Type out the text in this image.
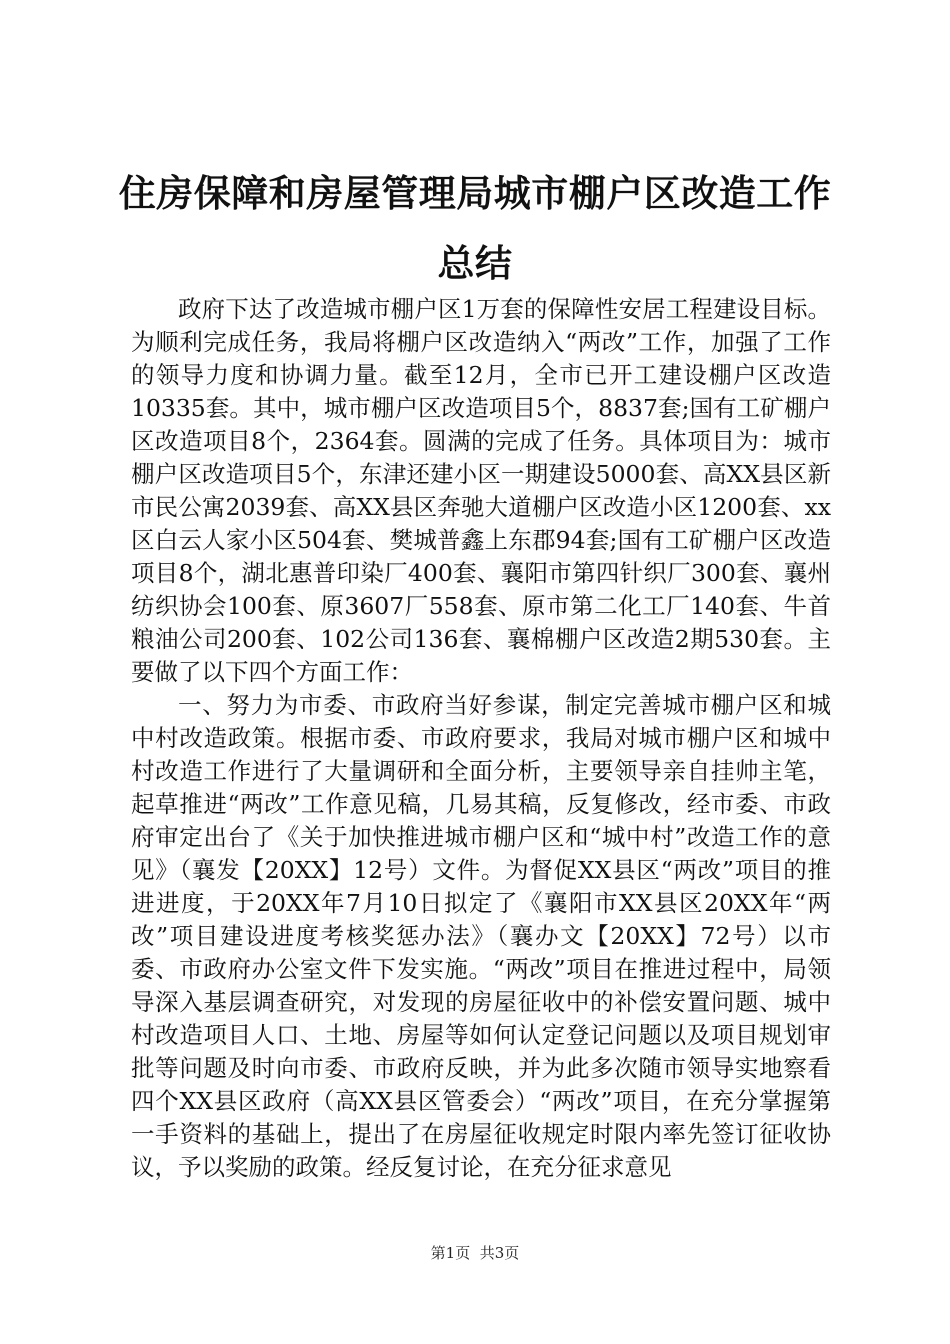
住房保障和房屋管理局城市棚户区改造工作总结

政府下达了改造城市棚户区1万套的保障性安居工程建设目标。为顺利完成任务，我局将棚户区改造纳入“两改”工作，加强了工作的领导力度和协调力量。截至12月，全市已开工建设棚户区改造10335套。其中，城市棚户区改造项目5个，8837套;国有工矿棚户区改造项目8个，2364套。圆满的完成了任务。具体项目为：城市棚户区改造项目5个，东津还建小区一期建设5000套、高XX县区新市民公寓2039套、高XX县区奔驰大道棚户区改造小区1200套、xx区白云人家小区504套、樊城普鑫上东郡94套;国有工矿棚户区改造项目8个，湖北惠普印染厂400套、襄阳市第四针织厂300套、襄州纺织协会100套、原3607厂558套、原市第二化工厂140套、牛首粮油公司200套、102公司136套、襄棉棚户区改造2期530套。主要做了以下四个方面工作：

一、努力为市委、市政府当好参谋，制定完善城市棚户区和城中村改造政策。根据市委、市政府要求，我局对城市棚户区和城中村改造工作进行了大量调研和全面分析，主要领导亲自挂帅主笔，起草推进“两改”工作意见稿，几易其稿，反复修改，经市委、市政府审定出台了《关于加快推进城市棚户区和“城中村”改造工作的意见》（襄发【20XX】12号）文件。为督促XX县区“两改”项目的推进进度，于20XX年7月10日拟定了《襄阳市XX县区20XX年“两改”项目建设进度考核奖惩办法》（襄办文【20XX】72号）以市委、市政府办公室文件下发实施。“两改”项目在推进过程中，局领导深入基层调查研究，对发现的房屋征收中的补偿安置问题、城中村改造项目人口、土地、房屋等如何认定登记问题以及项目规划审批等问题及时向市委、市政府反映，并为此多次随市领导实地察看四个XX县区政府（高XX县区管委会）“两改”项目，在充分掌握第一手资料的基础上，提出了在房屋征收规定时限内率先签订征收协议，予以奖励的政策。经反复讨论，在充分征求意见

第1页 共3页
